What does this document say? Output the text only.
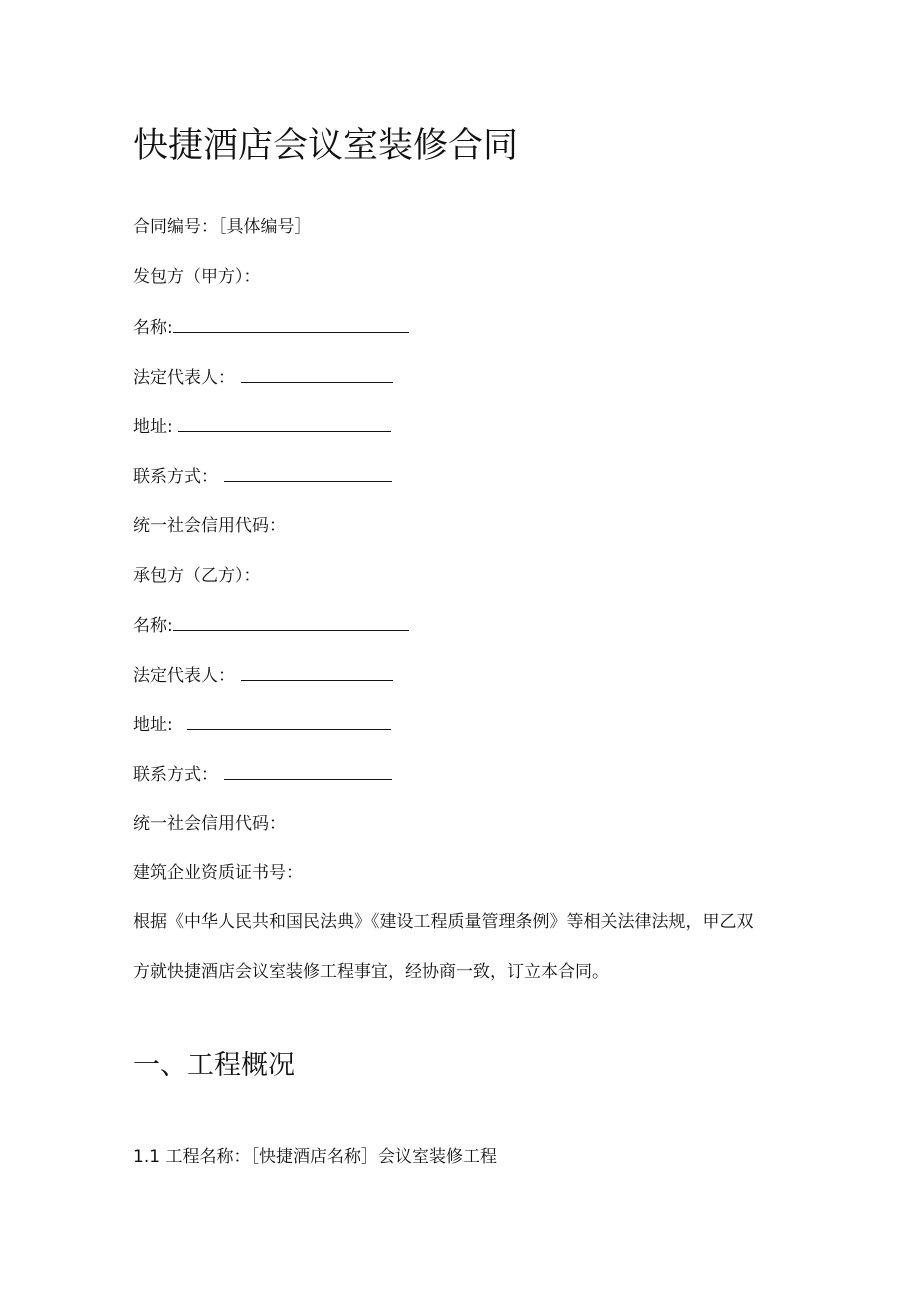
快捷酒店会议室装修合同
合同编号：［具体编号］
发包方（甲方）：
名称:
法定代表人：
地址:
联系方式：
统一社会信用代码：
承包方（乙方）：
名称:
法定代表人：
地址:
联系方式：
统一社会信用代码：
建筑企业资质证书号：
根据《中华人民共和国民法典》《建设工程质量管理条例》等相关法律法规，甲乙双
方就快捷酒店会议室装修工程事宜，经协商一致，订立本合同。
一、工程概况
1.1 工程名称：［快捷酒店名称］会议室装修工程
